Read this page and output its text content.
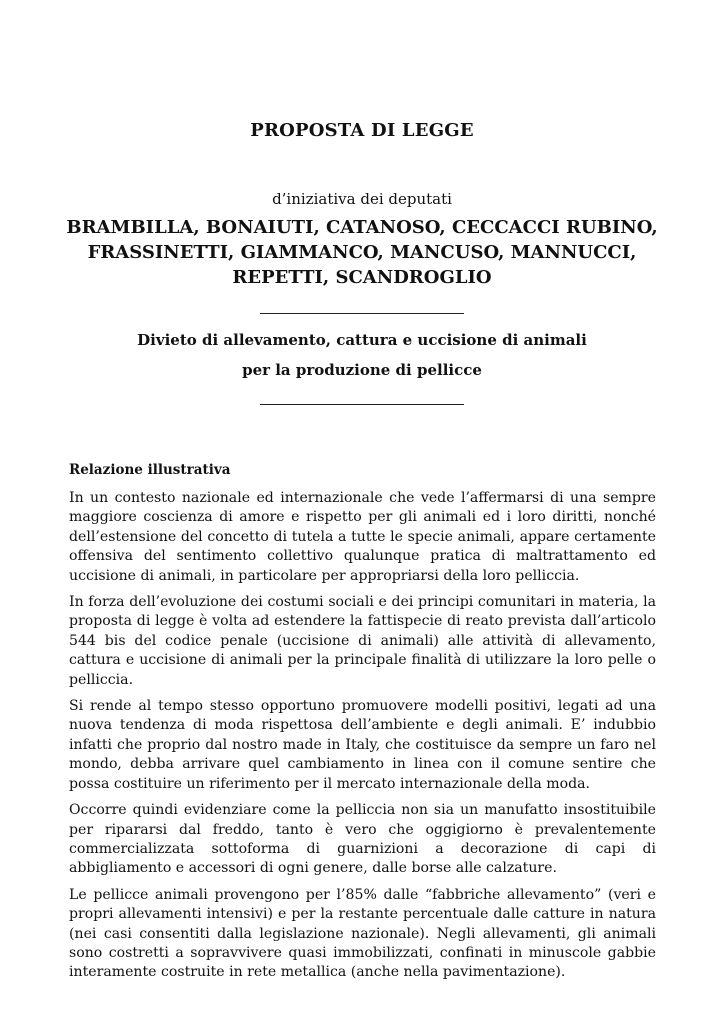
PROPOSTA DI LEGGE
d’iniziativa dei deputati
BRAMBILLA, BONAIUTI, CATANOSO, CECCACCI RUBINO,
FRASSINETTI, GIAMMANCO, MANCUSO, MANNUCCI,
REPETTI, SCANDROGLIO
Divieto di allevamento, cattura e uccisione di animali
per la produzione di pellicce
Relazione illustrativa

In un contesto nazionale ed internazionale che vede l’affermarsi di una sempre maggiore coscienza di amore e rispetto per gli animali ed i loro diritti, nonché dell’estensione del concetto di tutela a tutte le specie animali, appare certamente offensiva del sentimento collettivo qualunque pratica di maltrattamento ed uccisione di animali, in particolare per appropriarsi della loro pelliccia.

In forza dell’evoluzione dei costumi sociali e dei principi comunitari in materia, la proposta di legge è volta ad estendere la fattispecie di reato prevista dall’articolo 544 bis del codice penale (uccisione di animali) alle attività di allevamento, cattura e uccisione di animali per la principale finalità di utilizzare la loro pelle o pelliccia.

Si rende al tempo stesso opportuno promuovere modelli positivi, legati ad una nuova tendenza di moda rispettosa dell’ambiente e degli animali. E’ indubbio infatti che proprio dal nostro made in Italy, che costituisce da sempre un faro nel mondo, debba arrivare quel cambiamento in linea con il comune sentire che possa costituire un riferimento per il mercato internazionale della moda.

Occorre quindi evidenziare come la pelliccia non sia un manufatto insostituibile per ripararsi dal freddo, tanto è vero che oggigiorno è prevalentemente commercializzata sottoforma di guarnizioni a decorazione di capi di abbigliamento e accessori di ogni genere, dalle borse alle calzature.

Le pellicce animali provengono per l’85% dalle “fabbriche allevamento” (veri e propri allevamenti intensivi) e per la restante percentuale dalle catture in natura (nei casi consentiti dalla legislazione nazionale). Negli allevamenti, gli animali sono costretti a sopravvivere quasi immobilizzati, confinati in minuscole gabbie interamente costruite in rete metallica (anche nella pavimentazione).
